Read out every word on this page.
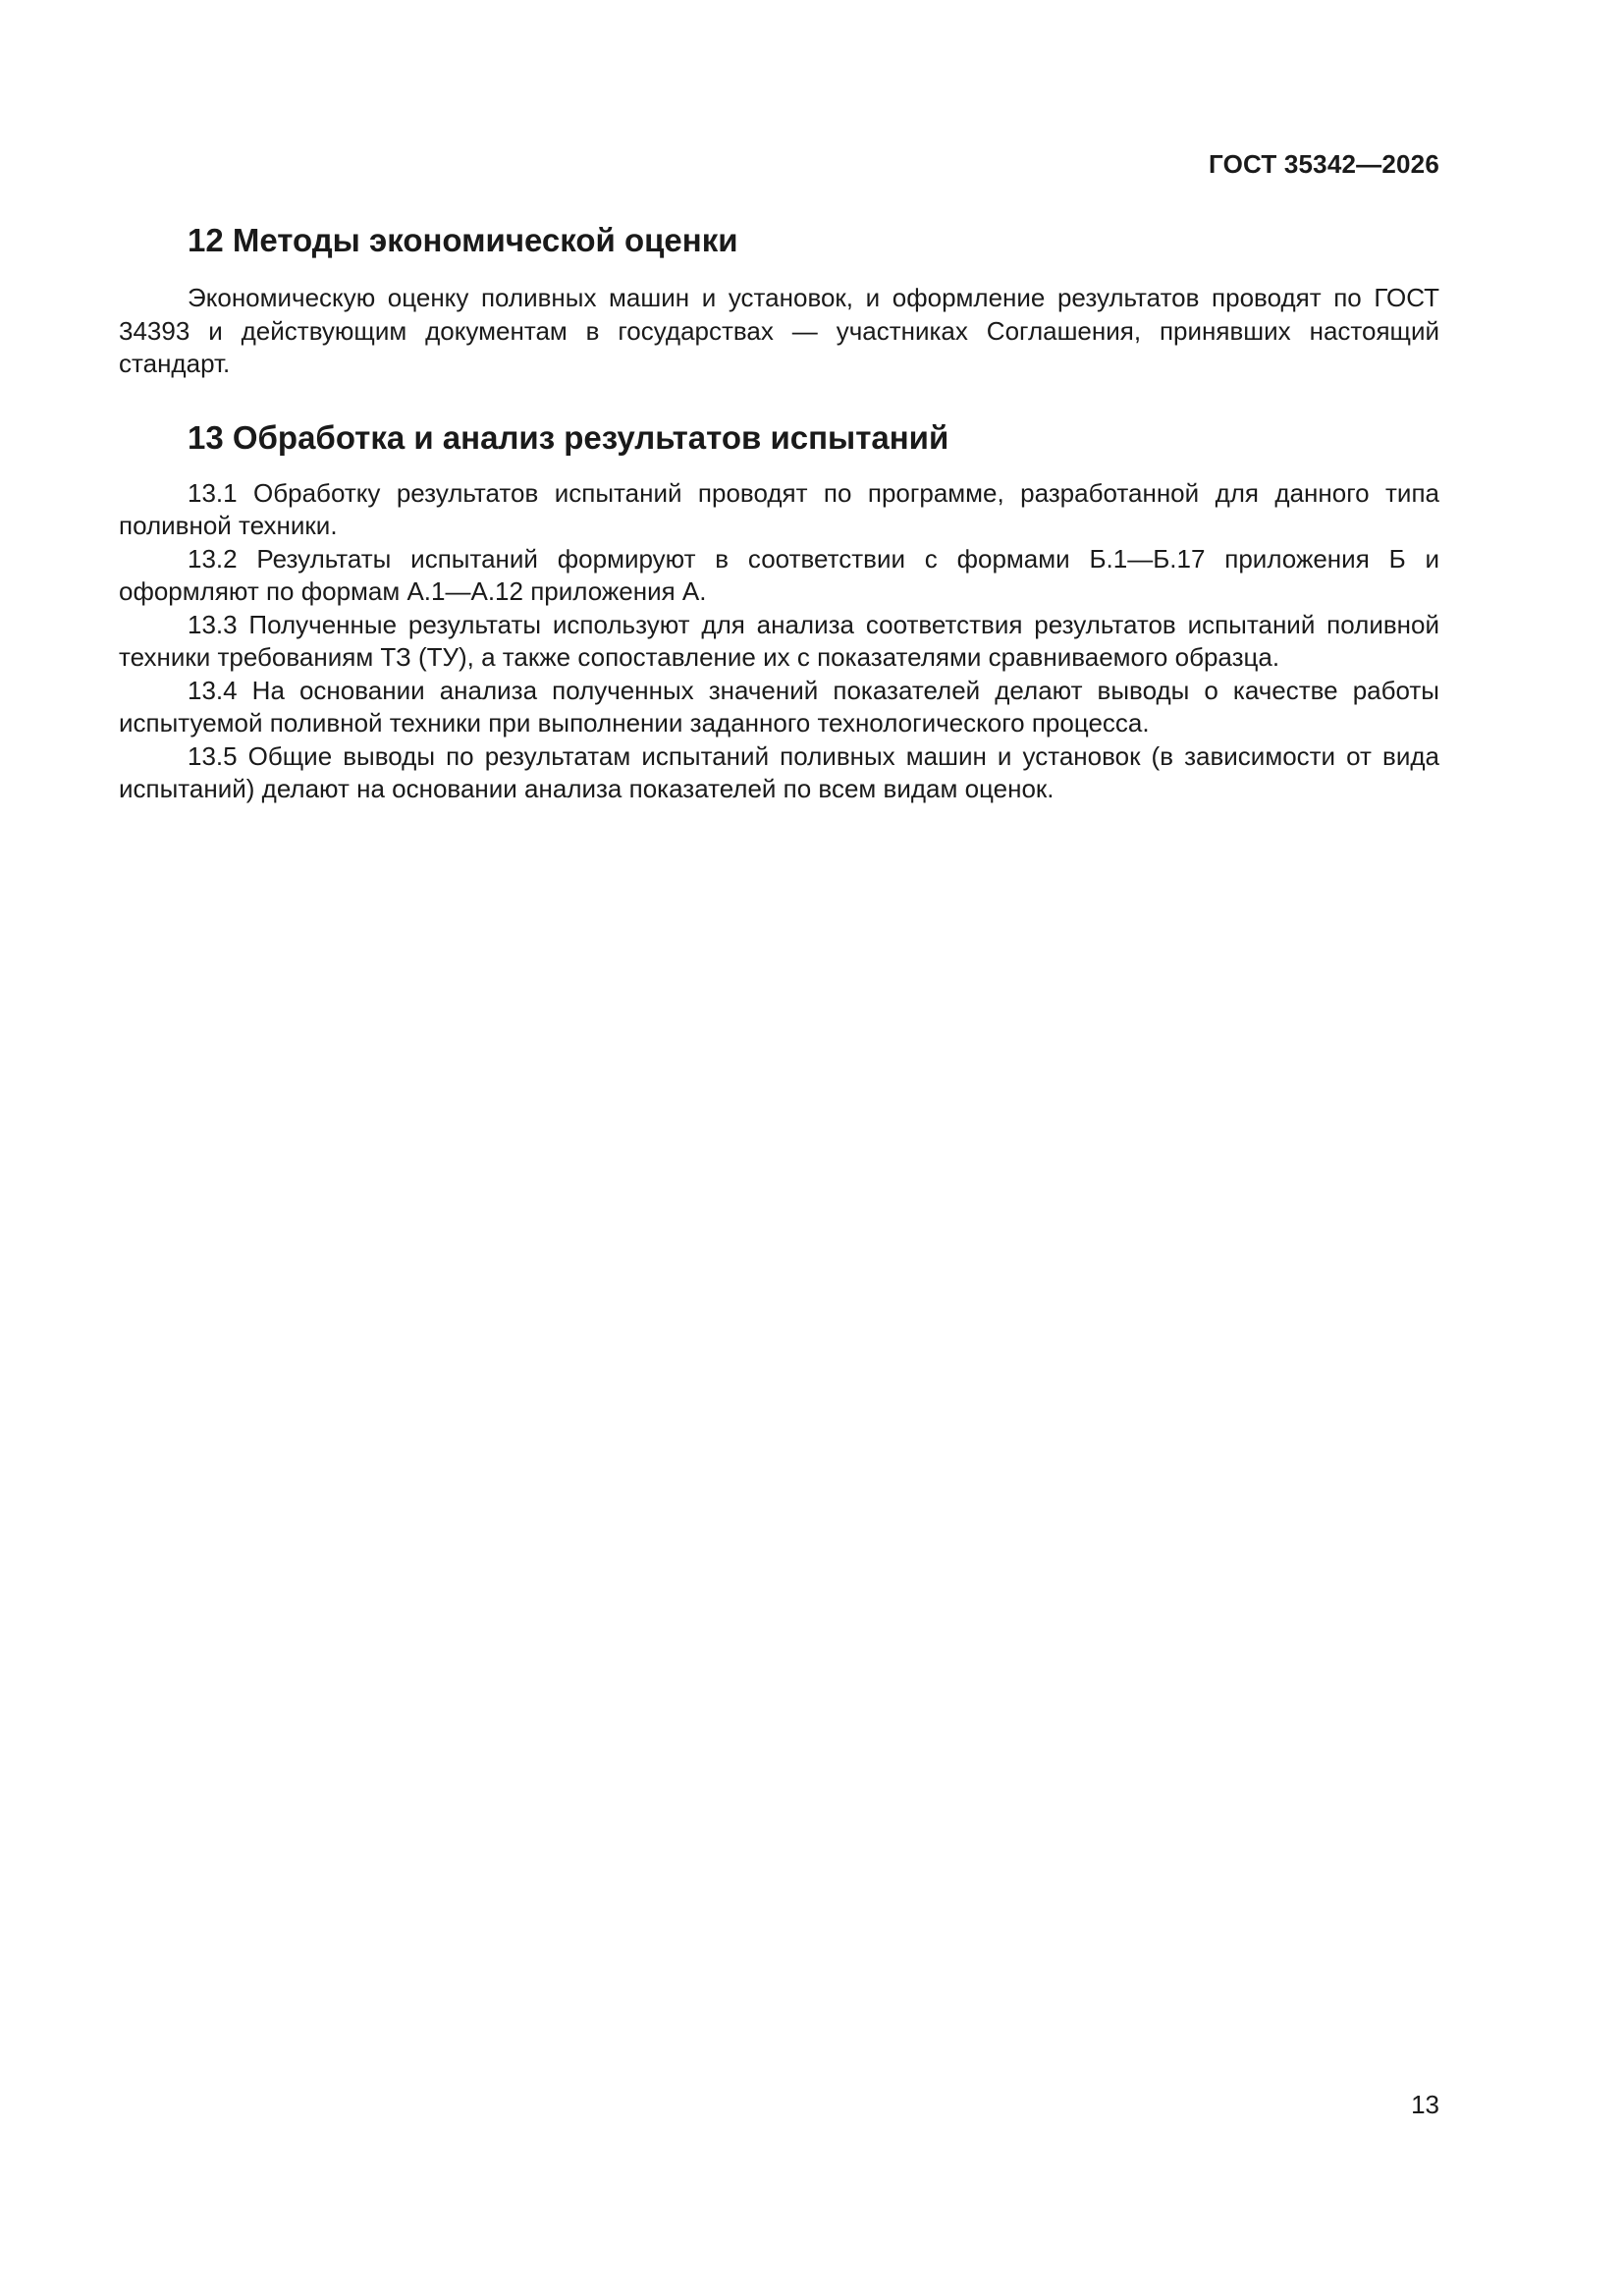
ГОСТ 35342—2026
12 Методы экономической оценки

Экономическую оценку поливных машин и установок, и оформление результатов проводят по ГОСТ 34393 и действующим документам в государствах — участниках Соглашения, принявших настоящий стандарт.

13 Обработка и анализ результатов испытаний

13.1 Обработку результатов испытаний проводят по программе, разработанной для данного типа поливной техники.

13.2 Результаты испытаний формируют в соответствии с формами Б.1—Б.17 приложения Б и оформляют по формам А.1—А.12 приложения А.

13.3 Полученные результаты используют для анализа соответствия результатов испытаний поливной техники требованиям ТЗ (ТУ), а также сопоставление их с показателями сравниваемого образца.

13.4 На основании анализа полученных значений показателей делают выводы о качестве работы испытуемой поливной техники при выполнении заданного технологического процесса.

13.5 Общие выводы по результатам испытаний поливных машин и установок (в зависимости от вида испытаний) делают на основании анализа показателей по всем видам оценок.

13
